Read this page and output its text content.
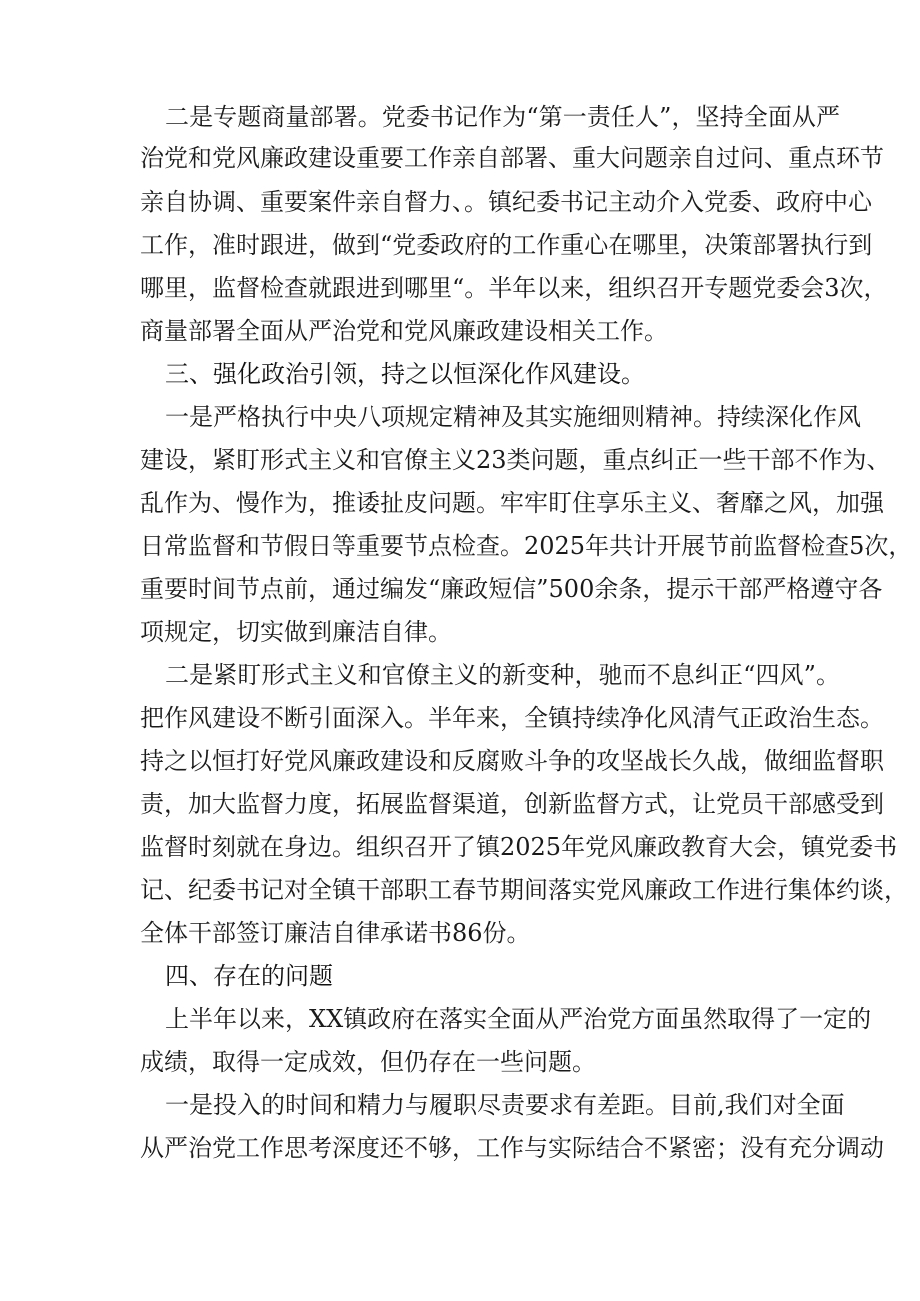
二是专题商量部署。党委书记作为“第一责任人”，坚持全面从严
治党和党风廉政建设重要工作亲自部署、重大问题亲自过问、重点环节
亲自协调、重要案件亲自督力、。镇纪委书记主动介入党委、政府中心
工作，准时跟进，做到“党委政府的工作重心在哪里，决策部署执行到
哪里，监督检查就跟进到哪里“。半年以来，组织召开专题党委会3次，
商量部署全面从严治党和党风廉政建设相关工作。
三、强化政治引领，持之以恒深化作风建设。
一是严格执行中央八项规定精神及其实施细则精神。持续深化作风
建设，紧盯形式主义和官僚主义23类问题，重点纠正一些干部不作为、
乱作为、慢作为，推诿扯皮问题。牢牢盯住享乐主义、奢靡之风，加强
日常监督和节假日等重要节点检查。2025年共计开展节前监督检查5次，
重要时间节点前，通过编发“廉政短信”500余条，提示干部严格遵守各
项规定，切实做到廉洁自律。
二是紧盯形式主义和官僚主义的新变种，驰而不息纠正“四风”。
把作风建设不断引面深入。半年来，全镇持续净化风清气正政治生态。
持之以恒打好党风廉政建设和反腐败斗争的攻坚战长久战，做细监督职
责，加大监督力度，拓展监督渠道，创新监督方式，让党员干部感受到
监督时刻就在身边。组织召开了镇2025年党风廉政教育大会，镇党委书
记、纪委书记对全镇干部职工春节期间落实党风廉政工作进行集体约谈，
全体干部签订廉洁自律承诺书86份。
四、存在的问题
上半年以来，XX镇政府在落实全面从严治党方面虽然取得了一定的
成绩，取得一定成效，但仍存在一些问题。
一是投入的时间和精力与履职尽责要求有差距。目前,我们对全面
从严治党工作思考深度还不够，工作与实际结合不紧密；没有充分调动
